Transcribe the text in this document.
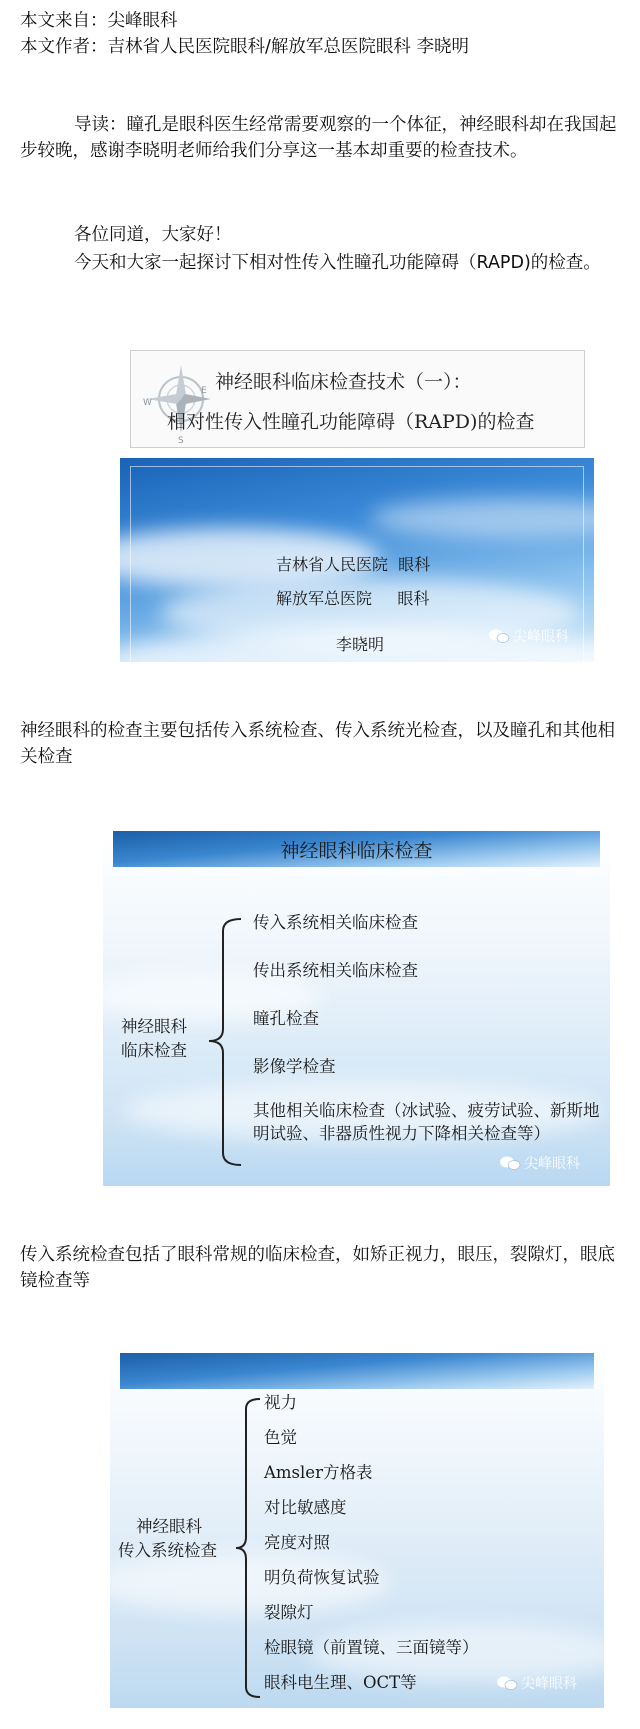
本文来自：尖峰眼科
本文作者：吉林省人民医院眼科/解放军总医院眼科 李晓明
导读：瞳孔是眼科医生经常需要观察的一个体征，神经眼科却在我国起步较晚，感谢李晓明老师给我们分享这一基本却重要的检查技术。
各位同道，大家好！
今天和大家一起探讨下相对性传入性瞳孔功能障碍（RAPD)的检查。
W
E
S
神经眼科临床检查技术（一）：
相对性传入性瞳孔功能障碍（RAPD)的检查
吉林省人民医院  眼科
解放军总医院     眼科
李晓明	尖峰眼科
神经眼科的检查主要包括传入系统检查、传入系统光检查，以及瞳孔和其他相关检查
神经眼科临床检查
神经眼科
临床检查
传入系统相关临床检查
传出系统相关临床检查
瞳孔检查
影像学检查
其他相关临床检查（冰试验、疲劳试验、新斯地明试验、非器质性视力下降相关检查等）
尖峰眼科
传入系统检查包括了眼科常规的临床检查，如矫正视力，眼压，裂隙灯，眼底镜检查等
神经眼科
传入系统检查
视力
色觉
Amsler方格表
对比敏感度
亮度对照
明负荷恢复试验
裂隙灯
检眼镜（前置镜、三面镜等）
眼科电生理、OCT等	尖峰眼科
